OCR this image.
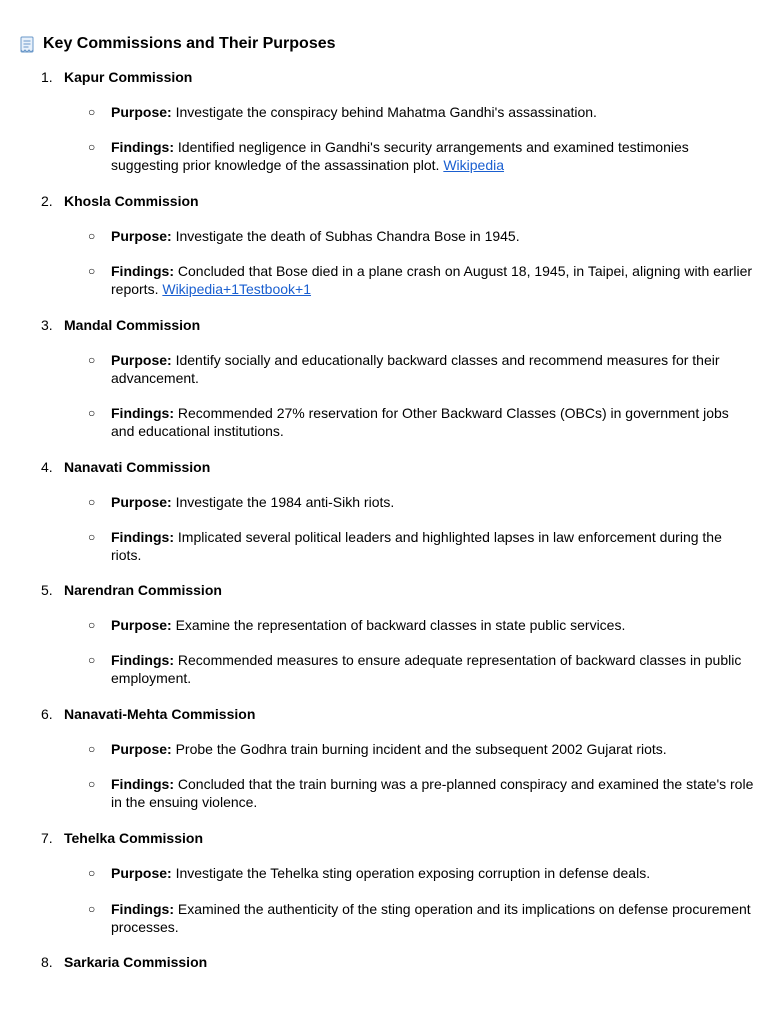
Key Commissions and Their Purposes
1. Kapur Commission
○	Purpose: Investigate the conspiracy behind Mahatma Gandhi's assassination.
○	Findings: Identified negligence in Gandhi's security arrangements and examined testimonies suggesting prior knowledge of the assassination plot. Wikipedia
2. Khosla Commission
○	Purpose: Investigate the death of Subhas Chandra Bose in 1945.
○	Findings: Concluded that Bose died in a plane crash on August 18, 1945, in Taipei, aligning with earlier reports. Wikipedia+1Testbook+1
3. Mandal Commission
○	Purpose: Identify socially and educationally backward classes and recommend measures for their advancement.
○	Findings: Recommended 27% reservation for Other Backward Classes (OBCs) in government jobs and educational institutions.
4. Nanavati Commission
○	Purpose: Investigate the 1984 anti-Sikh riots.
○	Findings: Implicated several political leaders and highlighted lapses in law enforcement during the riots.
5. Narendran Commission
○	Purpose: Examine the representation of backward classes in state public services.
○	Findings: Recommended measures to ensure adequate representation of backward classes in public employment.
6. Nanavati-Mehta Commission
○	Purpose: Probe the Godhra train burning incident and the subsequent 2002 Gujarat riots.
○	Findings: Concluded that the train burning was a pre-planned conspiracy and examined the state's role in the ensuing violence.
7. Tehelka Commission
○	Purpose: Investigate the Tehelka sting operation exposing corruption in defense deals.
○	Findings: Examined the authenticity of the sting operation and its implications on defense procurement processes.
8. Sarkaria Commission
